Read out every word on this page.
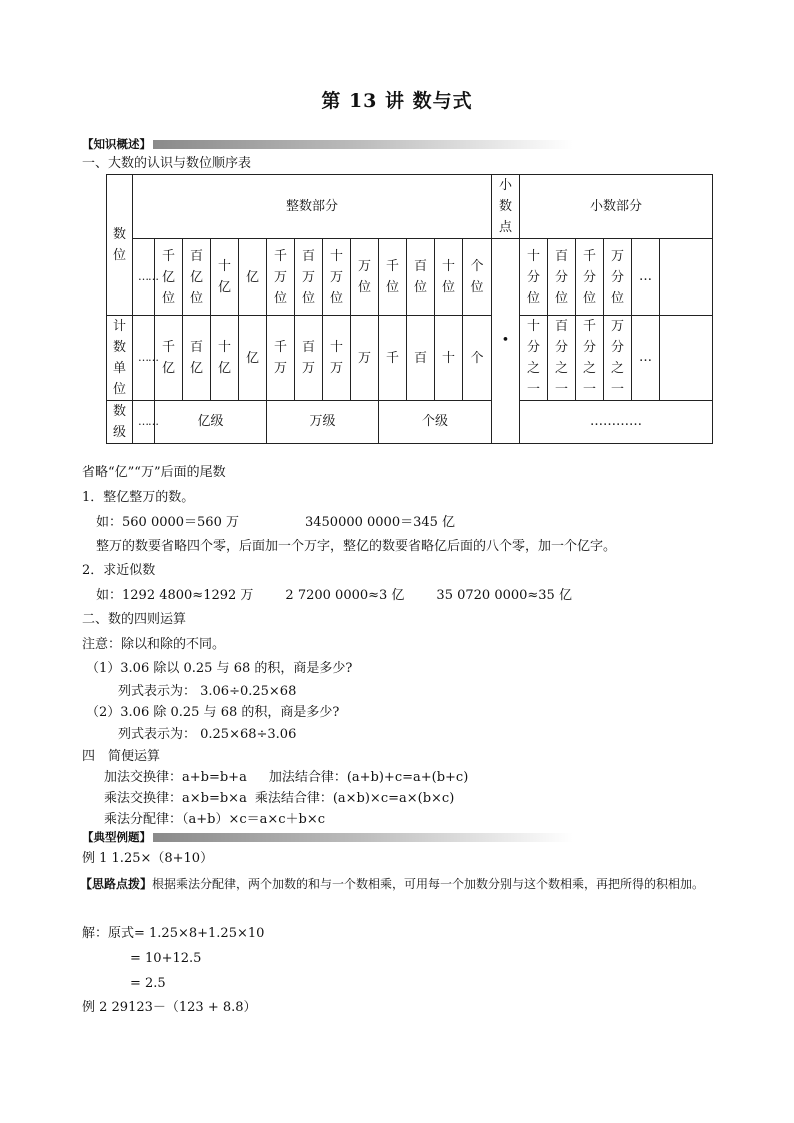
第 13 讲 数与式
【知识概述】
一、大数的认识与数位顺序表
数位	整数部分													小数点	小数部分					
	……	千亿位	百亿位	十亿	亿	千万位	百万位	十万位	万位	千位	百位	十位	个位	•	十分位	百分位	千分位	万分位	…	
计数单位	……	千亿	百亿	十亿	亿	千万	百万	十万	万	千	百	十	个		十分之一	百分之一	千分之一	万分之一	…	
数级	……	亿级				万级				个级					…………					
省略“亿”“万”后面的尾数
1．整亿整万的数。
如：560 0000＝560 万	3450000 0000＝345 亿
整万的数要省略四个零，后面加一个万字，整亿的数要省略亿后面的八个零，加一个亿字。
2．求近似数
如：1292 4800≈1292 万 2 7200 0000≈3 亿 35 0720 0000≈35 亿
二、数的四则运算
注意：除以和除的不同。
（1）3.06 除以 0.25 与 68 的积，商是多少?
列式表示为： 3.06÷0.25×68
（2）3.06 除 0.25 与 68 的积，商是多少?
列式表示为： 0.25×68÷3.06
四　简便运算
加法交换律：a+b=b+a 加法结合律：(a+b)+c=a+(b+c)
乘法交换律：a×b=b×a 乘法结合律：(a×b)×c=a×(b×c)
乘法分配律：（a+b）×c＝a×c＋b×c
【典型例题】
例 1 1.25×（8+10）
【思路点拨】根据乘法分配律，两个加数的和与一个数相乘，可用每一个加数分别与这个数相乘，再把所得的积相加。
解：原式= 1.25×8+1.25×10
= 10+12.5
= 2.5
例 2 29123－（123 + 8.8）
